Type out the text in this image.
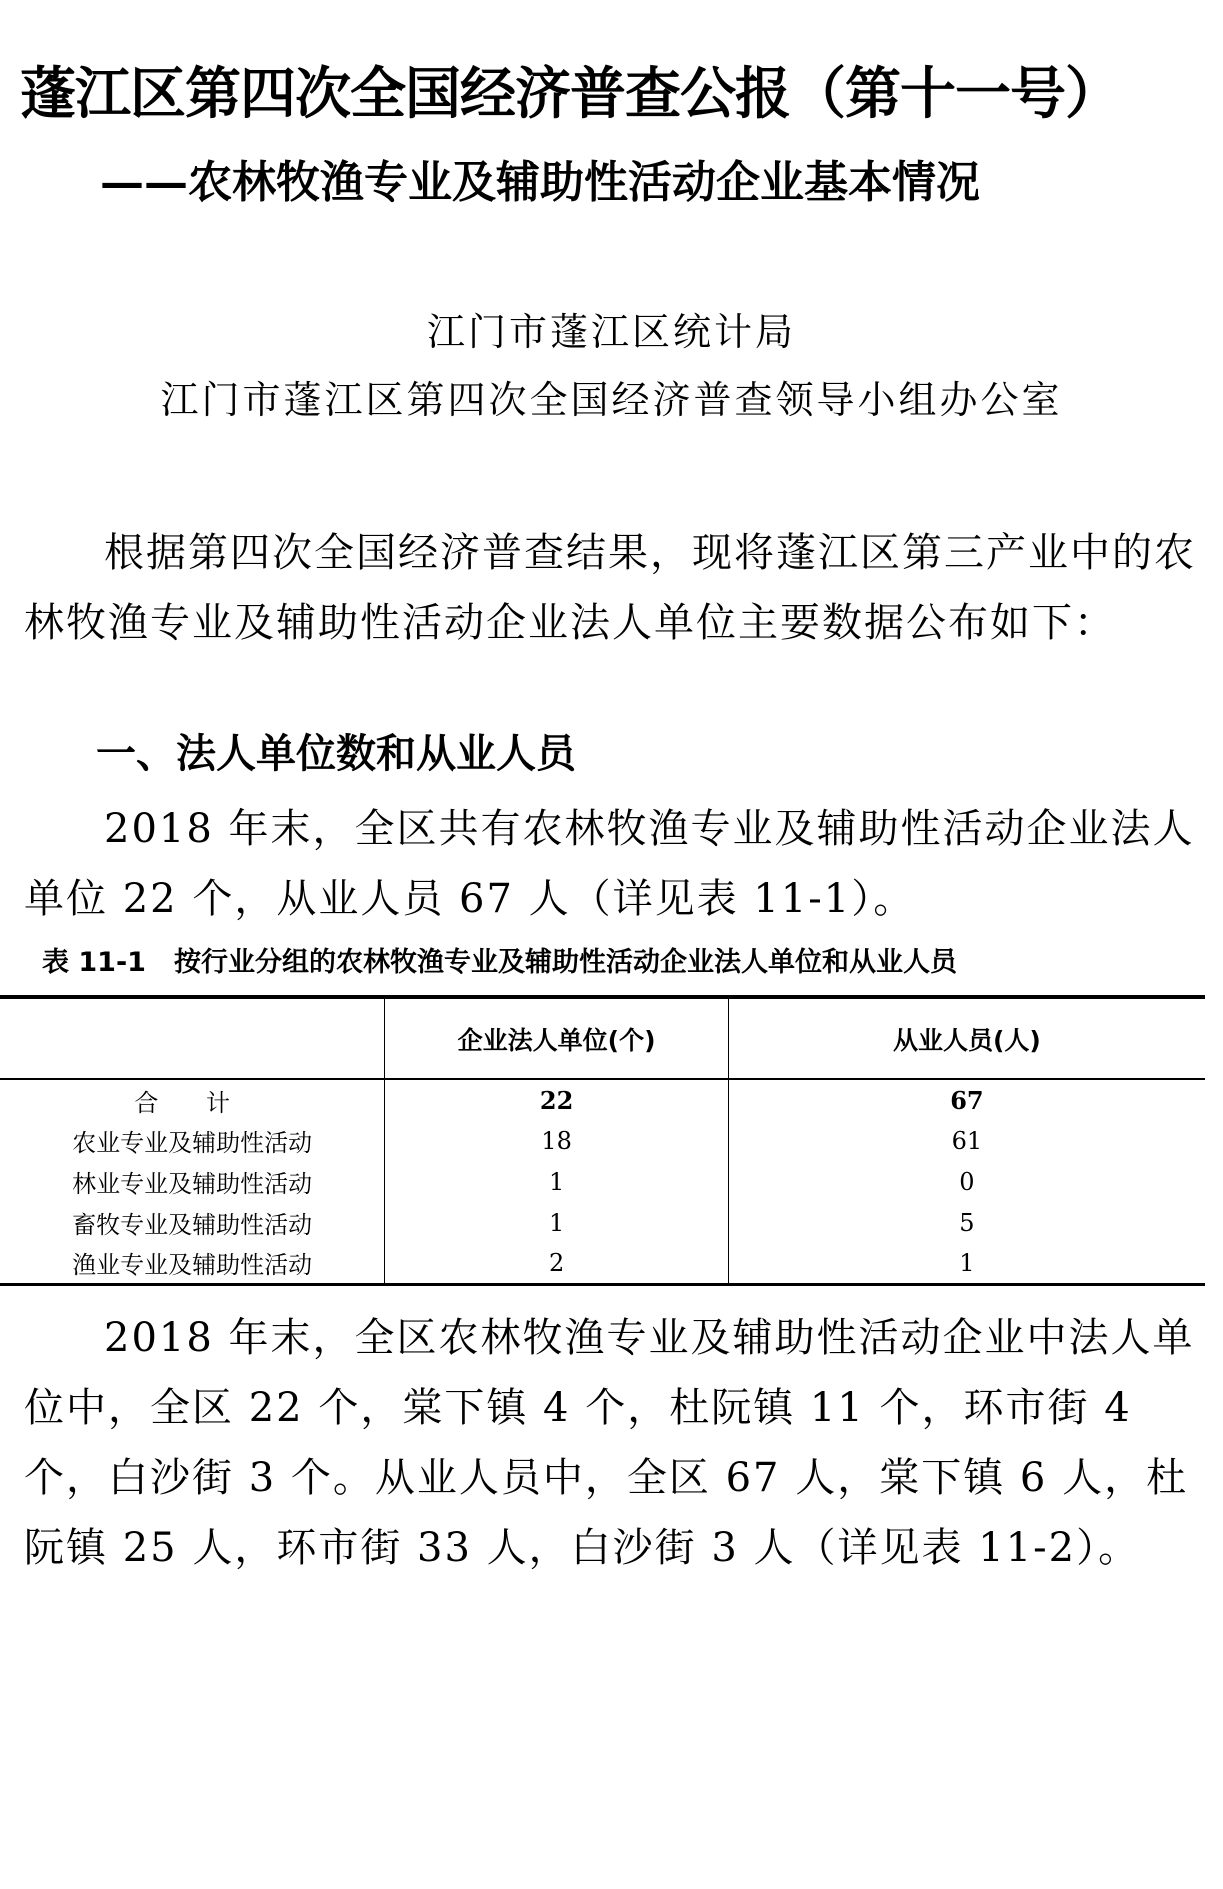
蓬江区第四次全国经济普查公报（第十一号）
——农林牧渔专业及辅助性活动企业基本情况
江门市蓬江区统计局
江门市蓬江区第四次全国经济普查领导小组办公室
根据第四次全国经济普查结果，现将蓬江区第三产业中的农林牧渔专业及辅助性活动企业法人单位主要数据公布如下：
一、法人单位数和从业人员
2018 年末，全区共有农林牧渔专业及辅助性活动企业法人单位 22 个，从业人员 67 人（详见表 11-1）。
表 11-1 按行业分组的农林牧渔专业及辅助性活动企业法人单位和从业人员
	企业法人单位(个)	从业人员(人)
合 计	22	67
农业专业及辅助性活动	18	61
林业专业及辅助性活动	1	0
畜牧专业及辅助性活动	1	5
渔业专业及辅助性活动	2	1
2018 年末，全区农林牧渔专业及辅助性活动企业中法人单位中，全区 22 个，棠下镇 4 个，杜阮镇 11 个，环市街 4 个，白沙街 3 个。从业人员中，全区 67 人，棠下镇 6 人，杜阮镇 25 人，环市街 33 人，白沙街 3 人（详见表 11-2）。
